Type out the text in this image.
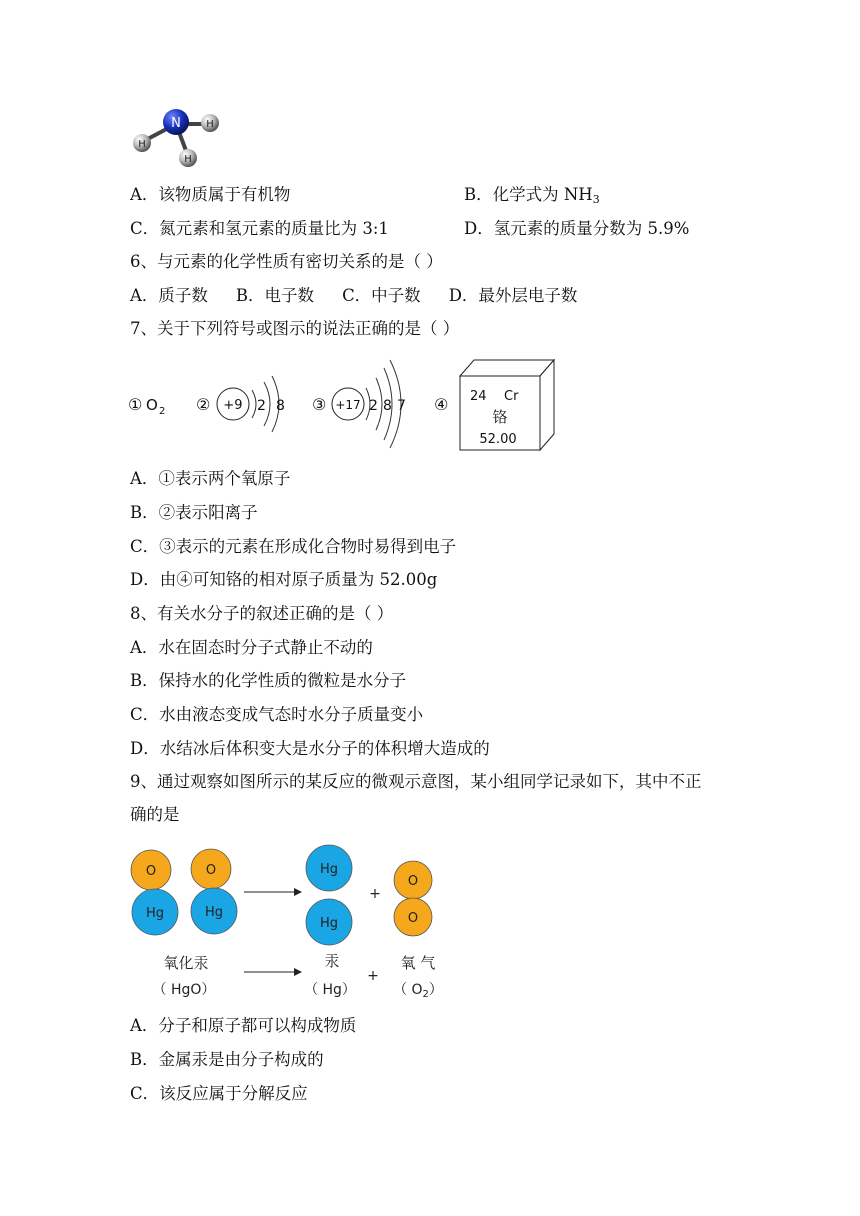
N	H
H
H
A．该物质属于有机物	B．化学式为 $NH_3$
C．氮元素和氢元素的质量比为 3:1	D．氢元素的质量分数为 5.9%
6、与元素的化学性质有密切关系的是（ ）
A．质子数 B．电子数 C．中子数 D．最外层电子数
7、关于下列符号或图示的说法正确的是（ ）
① O 2 ② +9 2 8 ③ +17 2 8 7 ④ 24 Cr
铬
52.00
A．①表示两个氧原子
B．②表示阳离子
C．③表示的元素在形成化合物时易得到电子
D．由④可知铬的相对原子质量为 52.00g
8、有关水分子的叙述正确的是（ ）
A．水在固态时分子式静止不动的
B．保持水的化学性质的微粒是水分子
C．水由液态变成气态时水分子质量变小
D．水结冰后体积变大是水分子的体积增大造成的
9、通过观察如图所示的某反应的微观示意图，某小组同学记录如下，其中不正
确的是
O
Hg
O
Hg
Hg
Hg
+
O
O
氧化汞
（ HgO）
汞
（ Hg）
+
氧 气
（ $O_2$）
A．分子和原子都可以构成物质
B．金属汞是由分子构成的
C．该反应属于分解反应
